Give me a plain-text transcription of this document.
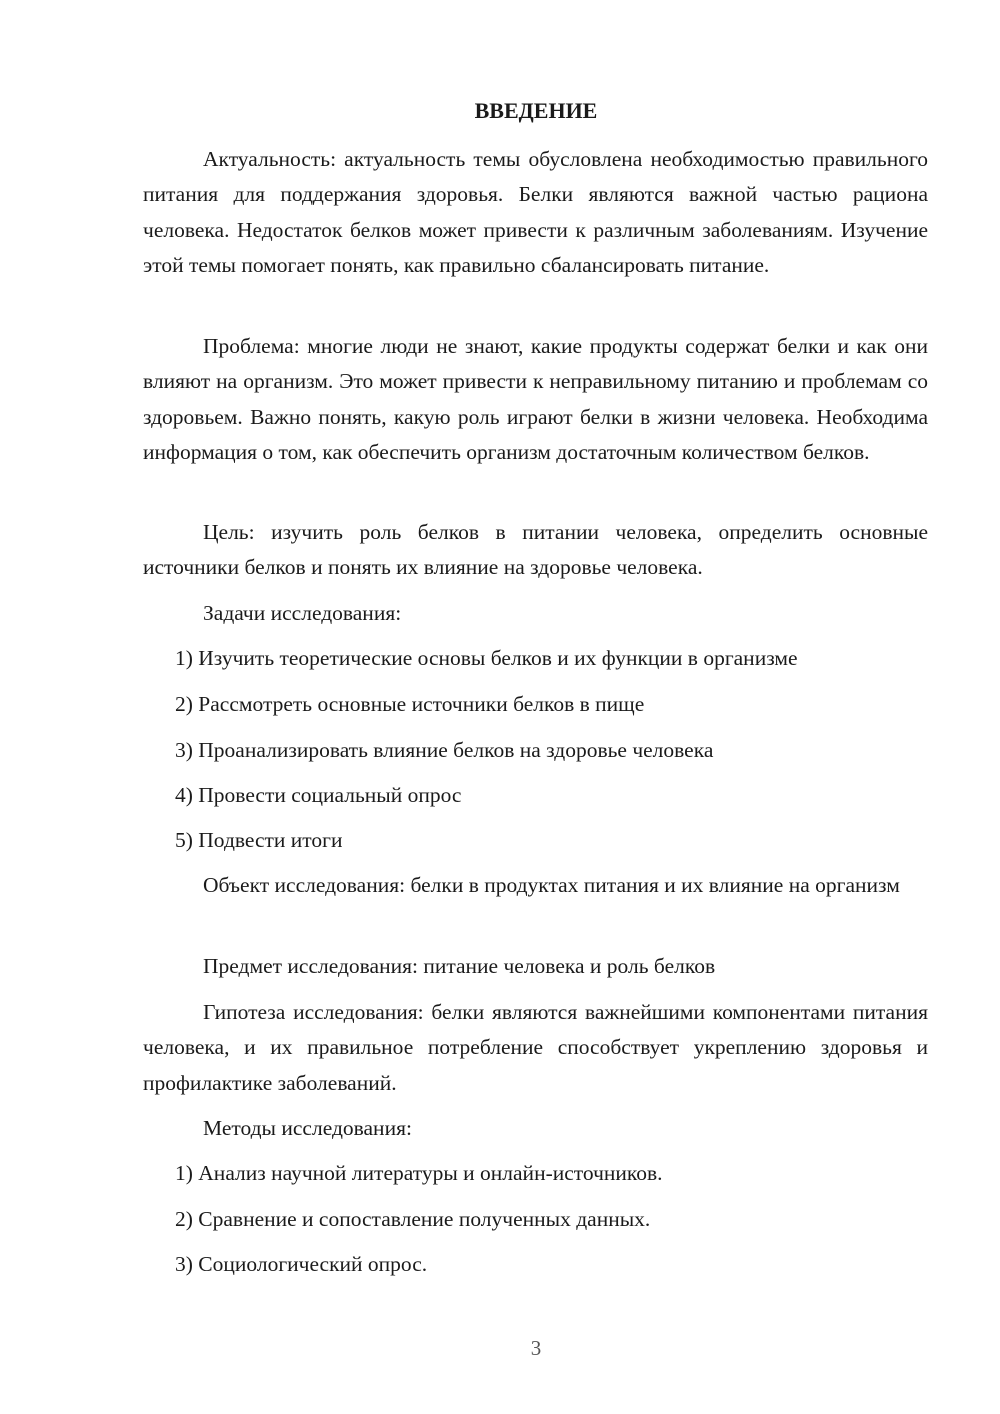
ВВЕДЕНИЕ

Актуальность: актуальность темы обусловлена необходимостью правильного питания для поддержания здоровья. Белки являются важной частью рациона человека. Недостаток белков может привести к различным заболеваниям. Изучение этой темы помогает понять, как правильно сбалансировать питание.

Проблема: многие люди не знают, какие продукты содержат белки и как они влияют на организм. Это может привести к неправильному питанию и проблемам со здоровьем. Важно понять, какую роль играют белки в жизни человека. Необходима информация о том, как обеспечить организм достаточным количеством белков.

Цель: изучить роль белков в питании человека, определить основные источники белков и понять их влияние на здоровье человека.

Задачи исследования:

1) Изучить теоретические основы белков и их функции в организме

2) Рассмотреть основные источники белков в пище

3) Проанализировать влияние белков на здоровье человека

4) Провести социальный опрос

5) Подвести итоги

Объект исследования: белки в продуктах питания и их влияние на организм

Предмет исследования: питание человека и роль белков

Гипотеза исследования: белки являются важнейшими компонентами питания человека, и их правильное потребление способствует укреплению здоровья и профилактике заболеваний.

Методы исследования:

1) Анализ научной литературы и онлайн-источников.

2) Сравнение и сопоставление полученных данных.

3) Социологический опрос.

3
